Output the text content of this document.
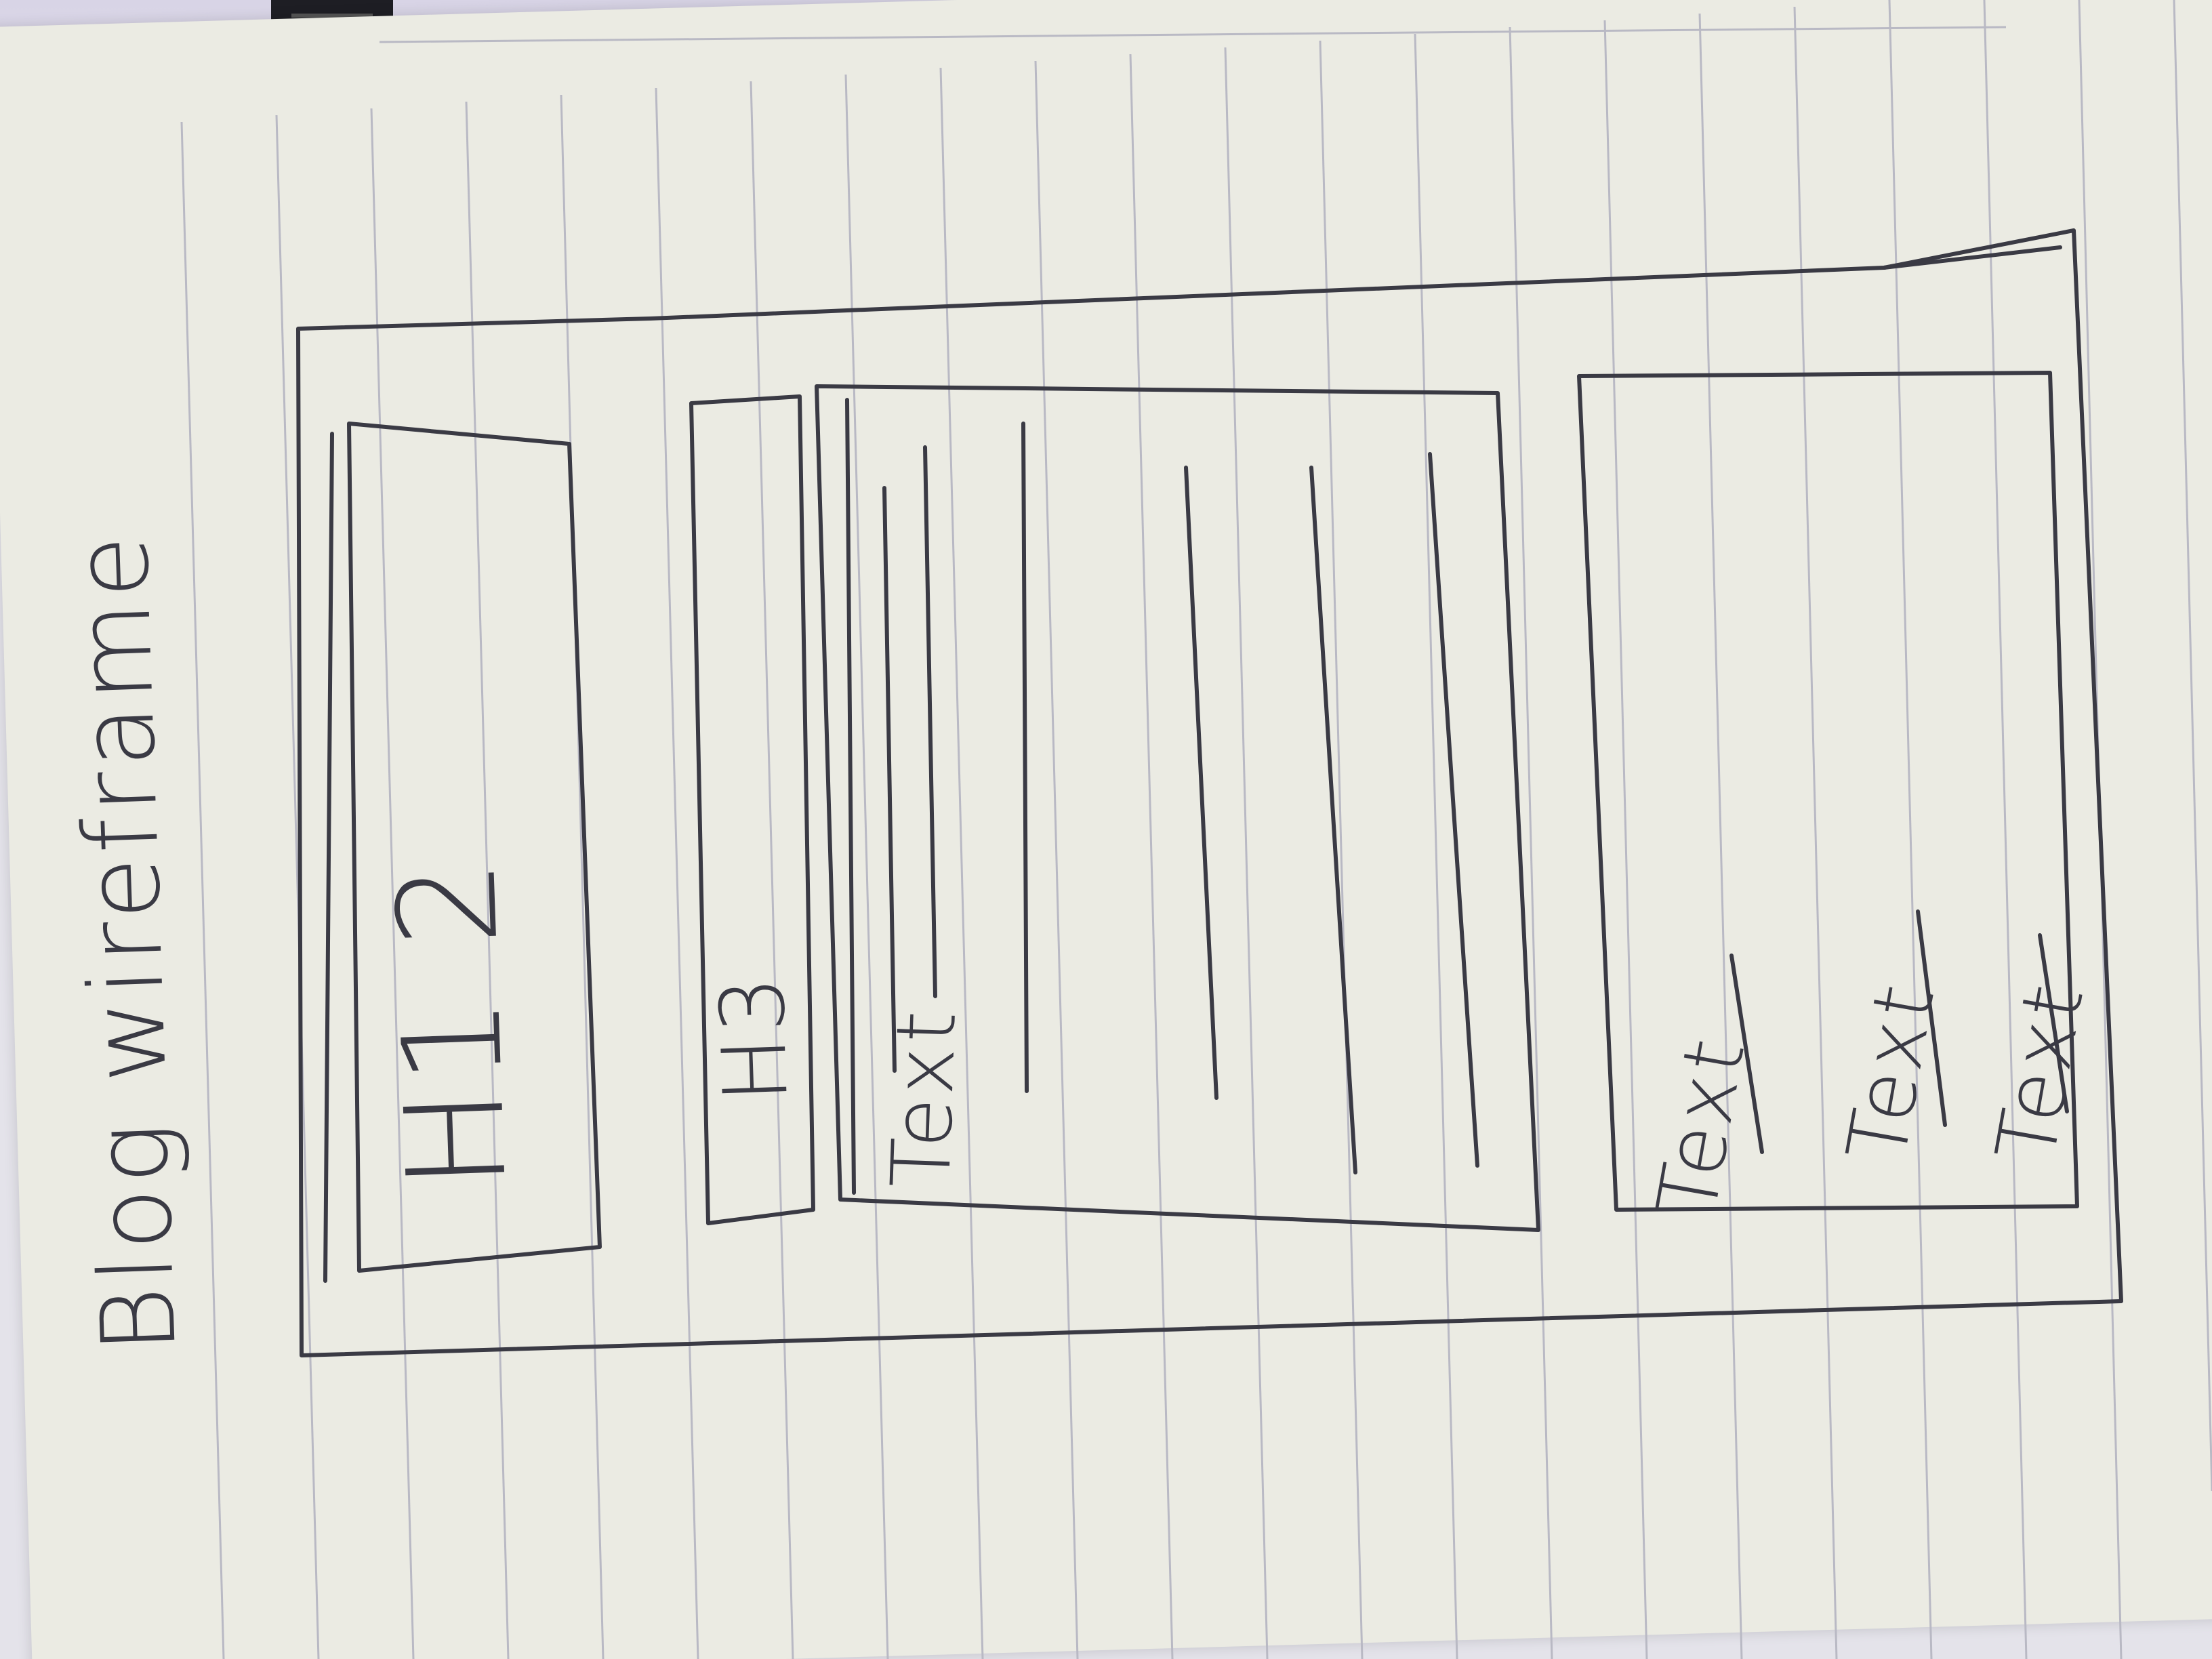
Blog wireframe H1 2 H3 Text	Text Text Text
